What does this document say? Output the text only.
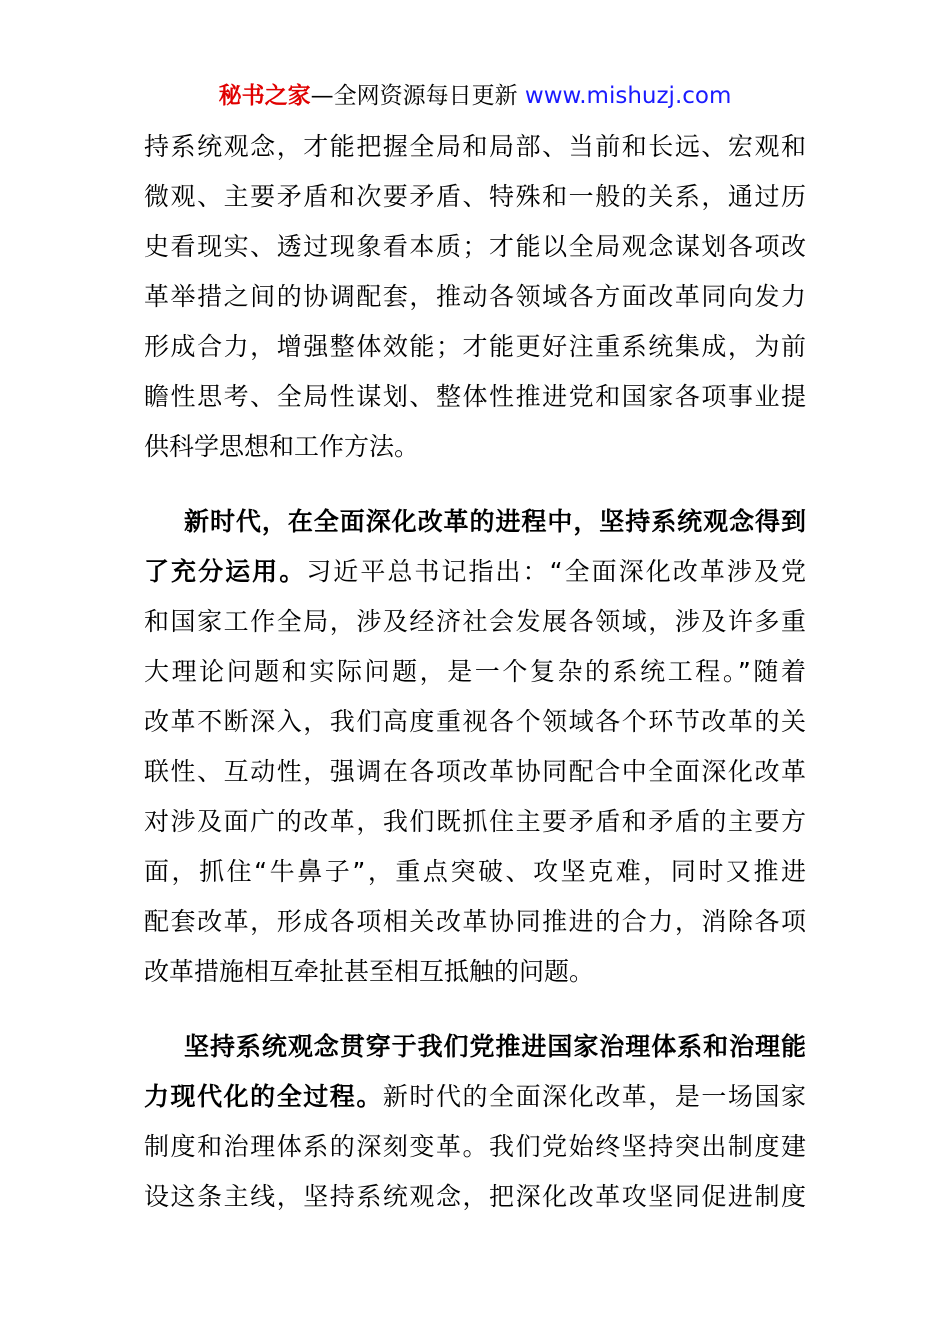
秘书之家—全网资源每日更新 www.mishuzj.com
持系统观念，才能把握全局和局部、当前和长远、宏观和
微观、主要矛盾和次要矛盾、特殊和一般的关系，通过历
史看现实、透过现象看本质；才能以全局观念谋划各项改
革举措之间的协调配套，推动各领域各方面改革同向发力
形成合力，增强整体效能；才能更好注重系统集成，为前
瞻性思考、全局性谋划、整体性推进党和国家各项事业提
供科学思想和工作方法。
新时代，在全面深化改革的进程中，坚持系统观念得到
了充分运用。习近平总书记指出：“全面深化改革涉及党
和国家工作全局，涉及经济社会发展各领域，涉及许多重
大理论问题和实际问题，是一个复杂的系统工程。”随着
改革不断深入，我们高度重视各个领域各个环节改革的关
联性、互动性，强调在各项改革协同配合中全面深化改革
对涉及面广的改革，我们既抓住主要矛盾和矛盾的主要方
面，抓住“牛鼻子”，重点突破、攻坚克难，同时又推进
配套改革，形成各项相关改革协同推进的合力，消除各项
改革措施相互牵扯甚至相互抵触的问题。
坚持系统观念贯穿于我们党推进国家治理体系和治理能
力现代化的全过程。新时代的全面深化改革，是一场国家
制度和治理体系的深刻变革。我们党始终坚持突出制度建
设这条主线，坚持系统观念，把深化改革攻坚同促进制度
